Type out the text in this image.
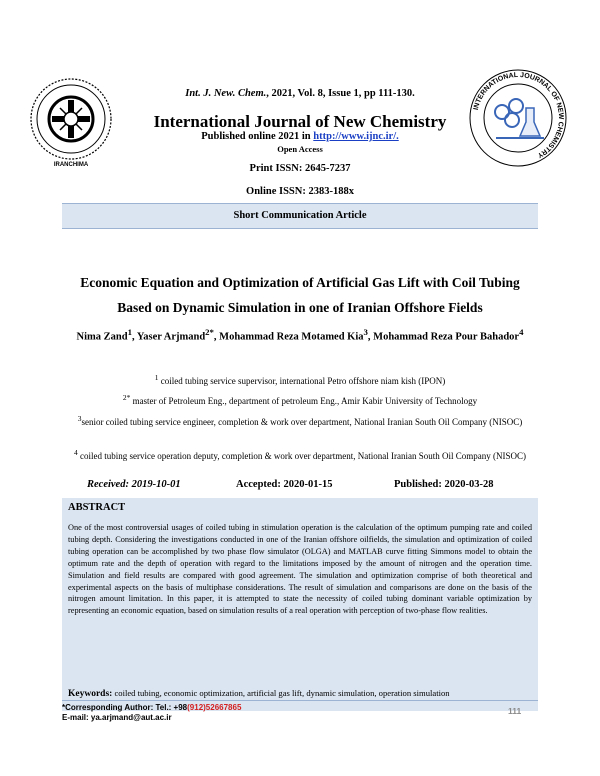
IRANCHIMA
INTERNATIONAL JOURNAL OF NEW CHEMISTRY
Int. J. New. Chem., 2021, Vol. 8, Issue 1, pp 111-130.
International Journal of New Chemistry
Published online 2021 in http://www.ijnc.ir/.
Open Access
Print ISSN: 2645-7237
Online ISSN: 2383-188x
Short Communication Article
Economic Equation and Optimization of Artificial Gas Lift with Coil Tubing
Based on Dynamic Simulation in one of Iranian Offshore Fields
Nima Zand$^1$, Yaser Arjmand$^{2*}$, Mohammad Reza Motamed Kia$^3$, Mohammad Reza Pour Bahador$^4$
$^1$ coiled tubing service supervisor, international Petro offshore niam kish (IPON)
$^{2*}$ master of Petroleum Eng., department of petroleum Eng., Amir Kabir University of Technology
$^3$senior coiled tubing service engineer, completion & work over department, National Iranian South Oil Company (NISOC)
$^4$ coiled tubing service operation deputy, completion & work over department, National Iranian South Oil Company (NISOC)
Received: 2019-10-01	Accepted: 2020-01-15	Published: 2020-03-28
ABSTRACT
One of the most controversial usages of coiled tubing in stimulation operation is the calculation of the optimum pumping rate and coiled tubing depth. Considering the investigations conducted in one of the Iranian offshore oilfields, the simulation and optimization of coiled tubing operation can be accomplished by two phase flow simulator (OLGA) and MATLAB curve fitting Simmons model to obtain the optimum rate and the depth of operation with regard to the limitations imposed by the amount of nitrogen and the operation time. Simulation and field results are compared with good agreement. The simulation and optimization comprise of both theoretical and experimental aspects on the basis of multiphase considerations. The result of simulation and comparisons are done on the basis of the nitrogen amount limitation. In this paper, it is attempted to state the necessity of coiled tubing dominant variable optimization by representing an economic equation, based on simulation results of a real operation with perception of two-phase flow realities.
Keywords: coiled tubing, economic optimization, artificial gas lift, dynamic simulation, operation simulation
*Corresponding Author: Tel.: +98(912)52667865
E-mail: ya.arjmand@aut.ac.ir
111
